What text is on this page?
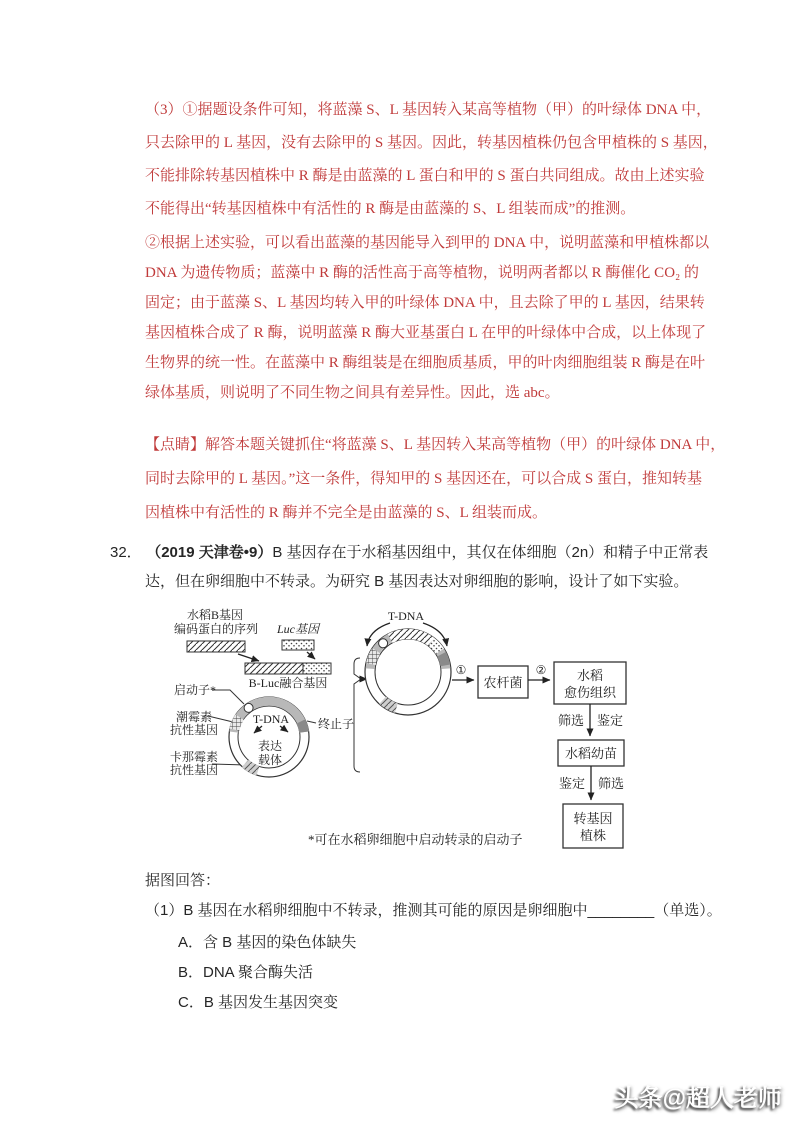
（3）①据题设条件可知，将蓝藻 S、L 基因转入某高等植物（甲）的叶绿体 DNA 中，
只去除甲的 L 基因，没有去除甲的 S 基因。因此，转基因植株仍包含甲植株的 S 基因，
不能排除转基因植株中 R 酶是由蓝藻的 L 蛋白和甲的 S 蛋白共同组成。故由上述实验
不能得出“转基因植株中有活性的 R 酶是由蓝藻的 S、L 组装而成”的推测。
②根据上述实验，可以看出蓝藻的基因能导入到甲的 DNA 中，说明蓝藻和甲植株都以
DNA 为遗传物质；蓝藻中 R 酶的活性高于高等植物，说明两者都以 R 酶催化 CO₂ 的
固定；由于蓝藻 S、L 基因均转入甲的叶绿体 DNA 中，且去除了甲的 L 基因，结果转
基因植株合成了 R 酶，说明蓝藻 R 酶大亚基蛋白 L 在甲的叶绿体中合成，以上体现了
生物界的统一性。在蓝藻中 R 酶组装是在细胞质基质，甲的叶肉细胞组装 R 酶是在叶
绿体基质，则说明了不同生物之间具有差异性。因此，选 abc。
【点睛】解答本题关键抓住“将蓝藻 S、L 基因转入某高等植物（甲）的叶绿体 DNA 中，
同时去除甲的 L 基因。”这一条件，得知甲的 S 基因还在，可以合成 S 蛋白，推知转基
因植株中有活性的 R 酶并不完全是由蓝藻的 S、L 组装而成。
32． （2019 天津卷•9）B 基因存在于水稻基因组中，其仅在体细胞（2n）和精子中正常表
达，但在卵细胞中不转录。为研究 B 基因表达对卵细胞的影响，设计了如下实验。
水稻B基因
编码蛋白的序列 Luc基因
B-Luc融合基因
启动子*
潮霉素
抗性基因
卡那霉素
抗性基因
T-DNA
表达
载体
终止子
T-DNA
①
农杆菌
② 水稻
愈伤组织
筛选 鉴定
水稻幼苗
鉴定 筛选
转基因
植株
*可在水稻卵细胞中启动转录的启动子
据图回答：
（1）B 基因在水稻卵细胞中不转录，推测其可能的原因是卵细胞中________（单选）。
A．含 B 基因的染色体缺失
B．DNA 聚合酶失活
C．B 基因发生基因突变
头条@超人老师
